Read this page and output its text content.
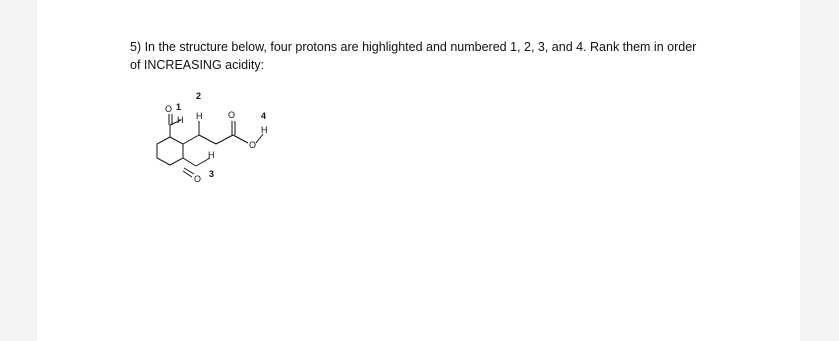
5) In the structure below, four protons are highlighted and numbered 1, 2, 3, and 4. Rank them in order
of INCREASING acidity:
O
H H	O
O
H
O
H
1
2
3
4
